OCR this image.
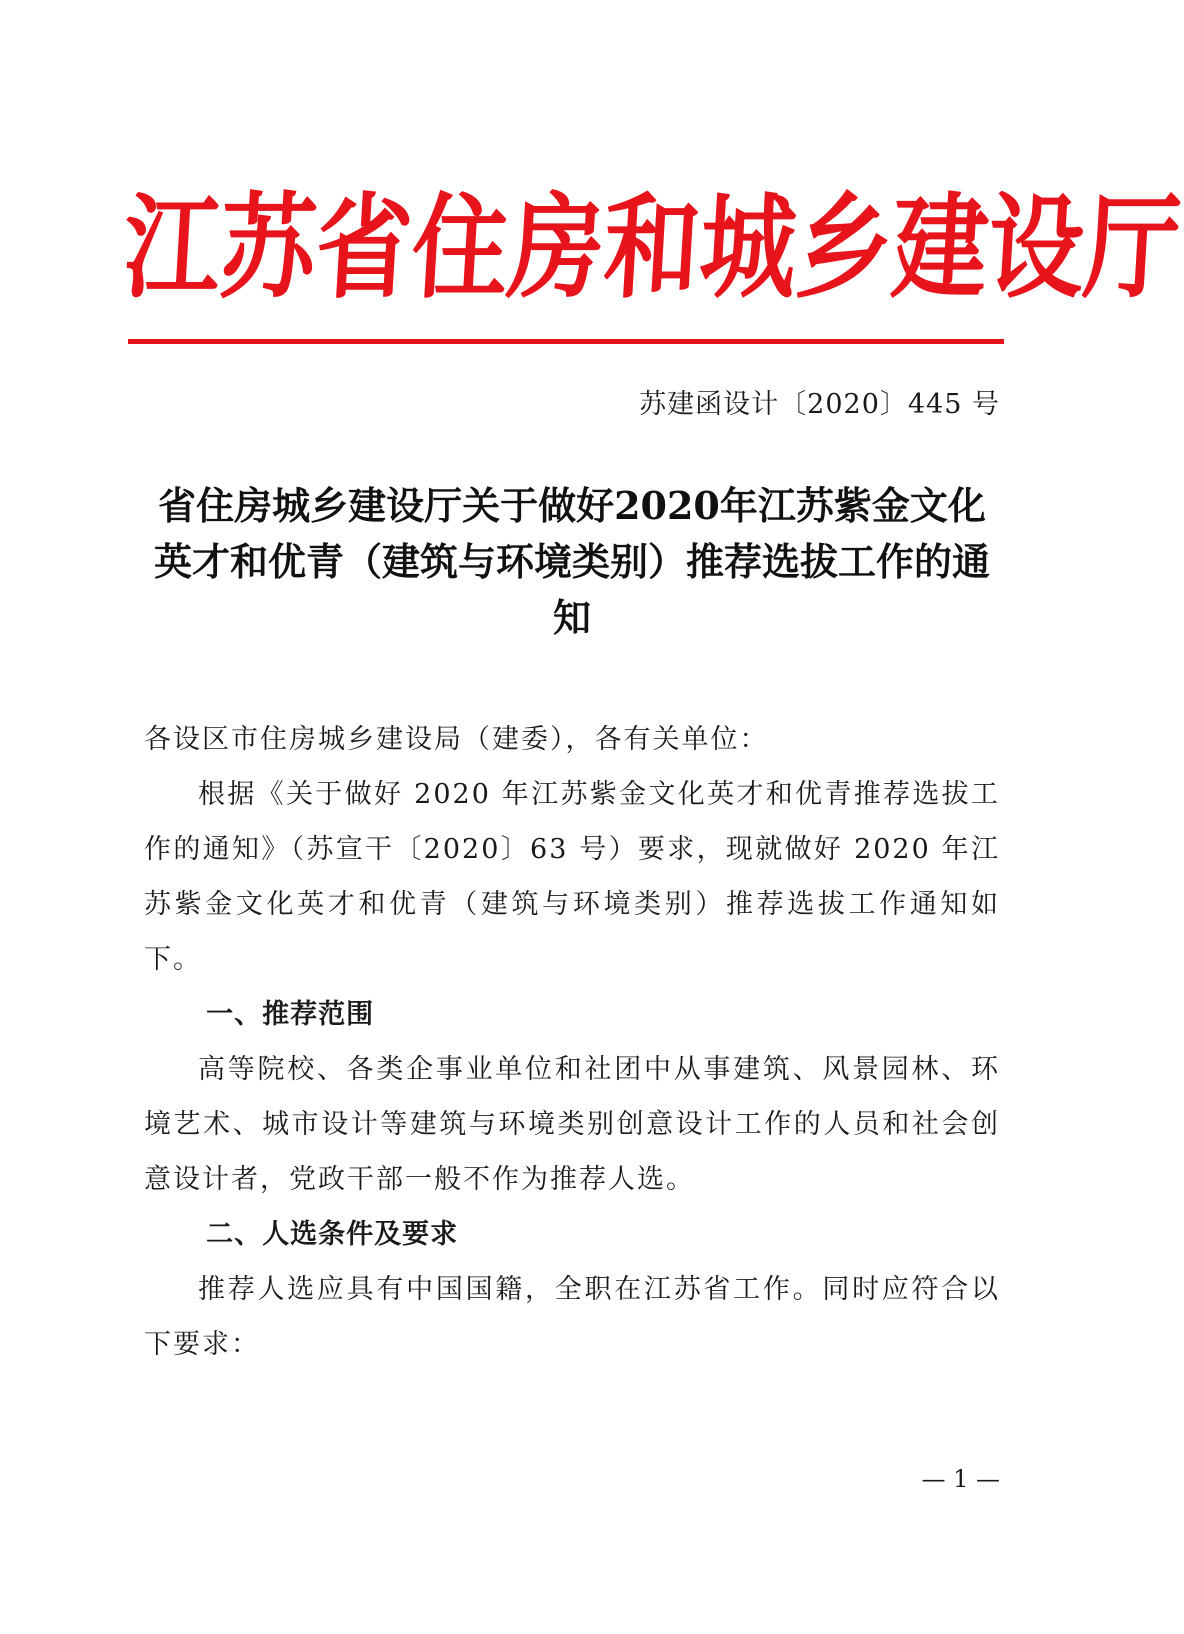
江
苏
省
住
房
和
城
乡
建
设
厅
苏建函设计〔2020〕445 号
省住房城乡建设厅关于做好2020年江苏紫金文化英才和优青（建筑与环境类别）推荐选拔工作的通知

各设区市住房城乡建设局（建委），各有关单位：

根据《关于做好 2020 年江苏紫金文化英才和优青推荐选拔工作的通知》（苏宣干〔2020〕63 号）要求，现就做好 2020 年江苏紫金文化英才和优青（建筑与环境类别）推荐选拔工作通知如下。

一、推荐范围

高等院校、各类企事业单位和社团中从事建筑、风景园林、环境艺术、城市设计等建筑与环境类别创意设计工作的人员和社会创意设计者，党政干部一般不作为推荐人选。

二、人选条件及要求

推荐人选应具有中国国籍，全职在江苏省工作。同时应符合以下要求：

— 1 —
